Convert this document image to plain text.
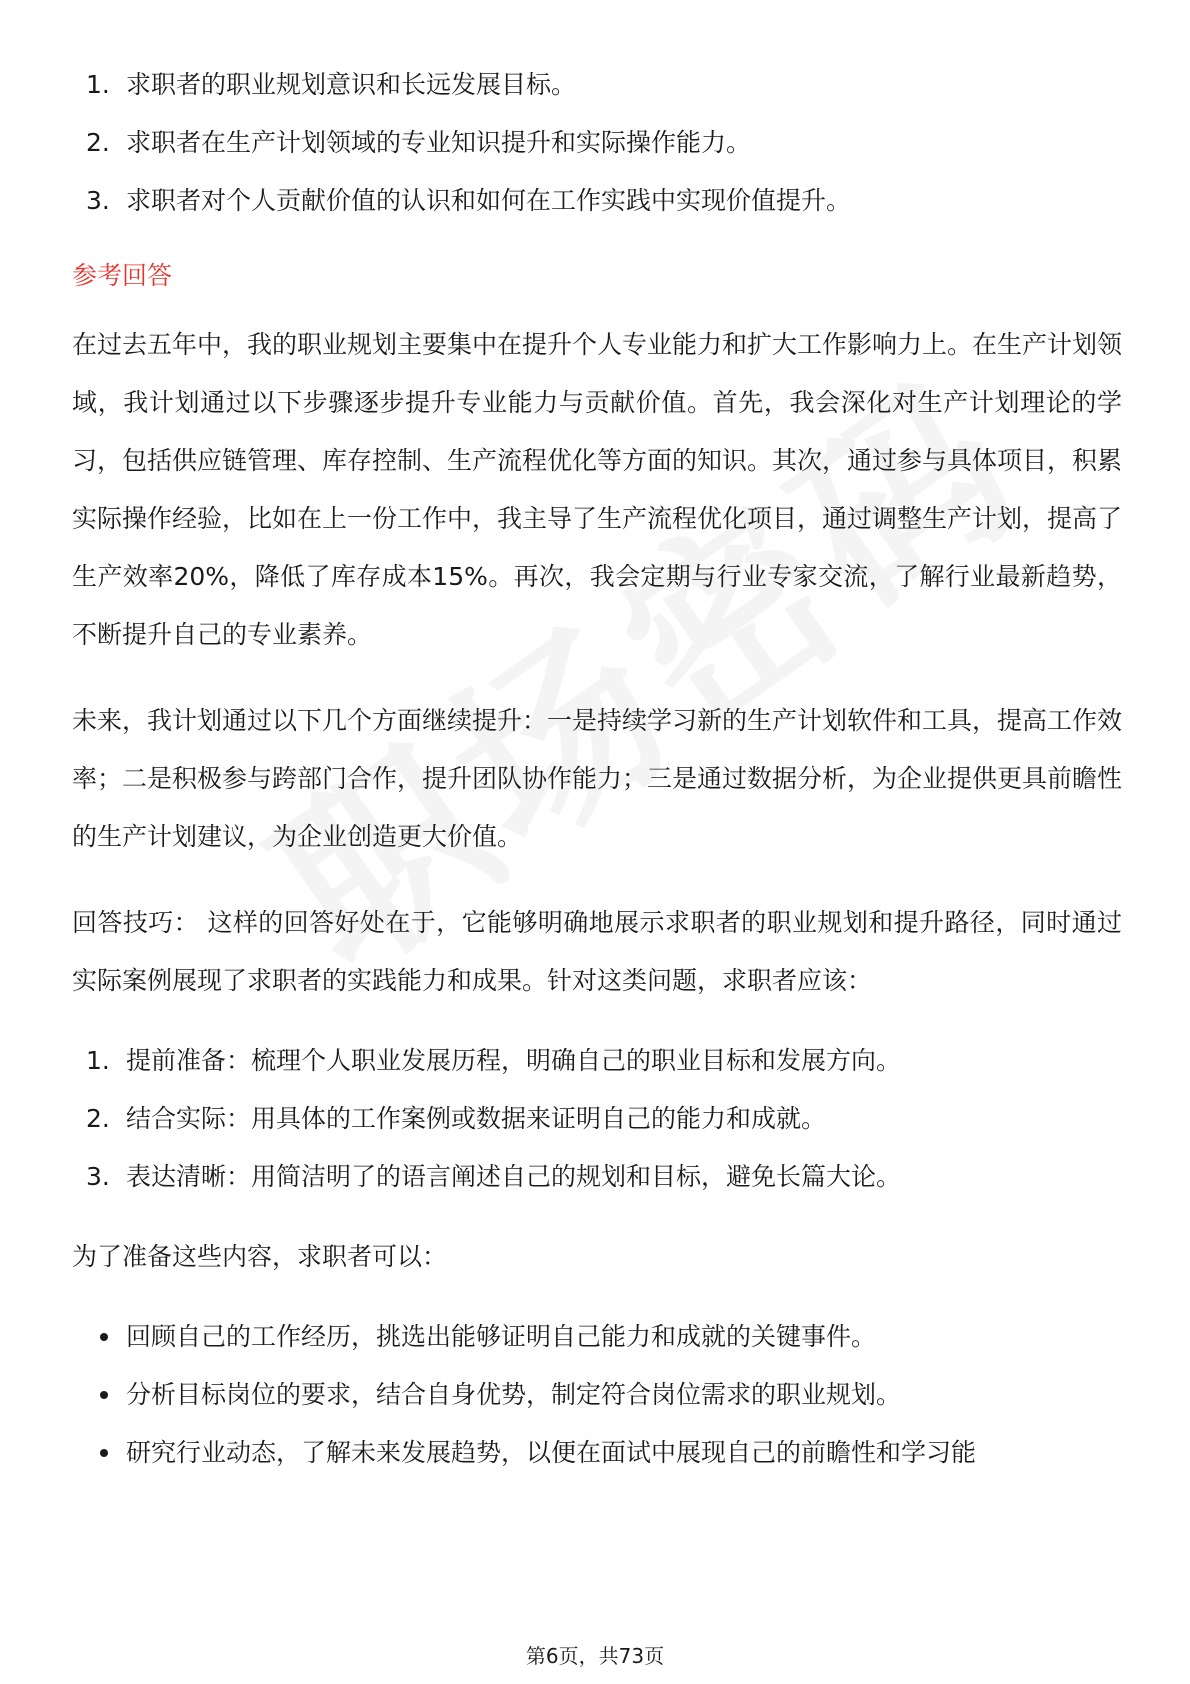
1. 求职者的职业规划意识和长远发展目标。
2. 求职者在生产计划领域的专业知识提升和实际操作能力。
3. 求职者对个人贡献价值的认识和如何在工作实践中实现价值提升。
参考回答

在过去五年中，我的职业规划主要集中在提升个人专业能力和扩大工作影响力上。在生产计划领域，我计划通过以下步骤逐步提升专业能力与贡献价值。首先，我会深化对生产计划理论的学习，包括供应链管理、库存控制、生产流程优化等方面的知识。其次，通过参与具体项目，积累实际操作经验，比如在上一份工作中，我主导了生产流程优化项目，通过调整生产计划，提高了生产效率20%，降低了库存成本15%。再次，我会定期与行业专家交流，了解行业最新趋势，不断提升自己的专业素养。

未来，我计划通过以下几个方面继续提升：一是持续学习新的生产计划软件和工具，提高工作效率；二是积极参与跨部门合作，提升团队协作能力；三是通过数据分析，为企业提供更具前瞻性的生产计划建议，为企业创造更大价值。

回答技巧： 这样的回答好处在于，它能够明确地展示求职者的职业规划和提升路径，同时通过实际案例展现了求职者的实践能力和成果。针对这类问题，求职者应该：

1. 提前准备：梳理个人职业发展历程，明确自己的职业目标和发展方向。
2. 结合实际：用具体的工作案例或数据来证明自己的能力和成就。
3. 表达清晰：用简洁明了的语言阐述自己的规划和目标，避免长篇大论。

为了准备这些内容，求职者可以：

回顾自己的工作经历，挑选出能够证明自己能力和成就的关键事件。
分析目标岗位的要求，结合自身优势，制定符合岗位需求的职业规划。
研究行业动态，了解未来发展趋势，以便在面试中展现自己的前瞻性和学习能
第6页，共73页
